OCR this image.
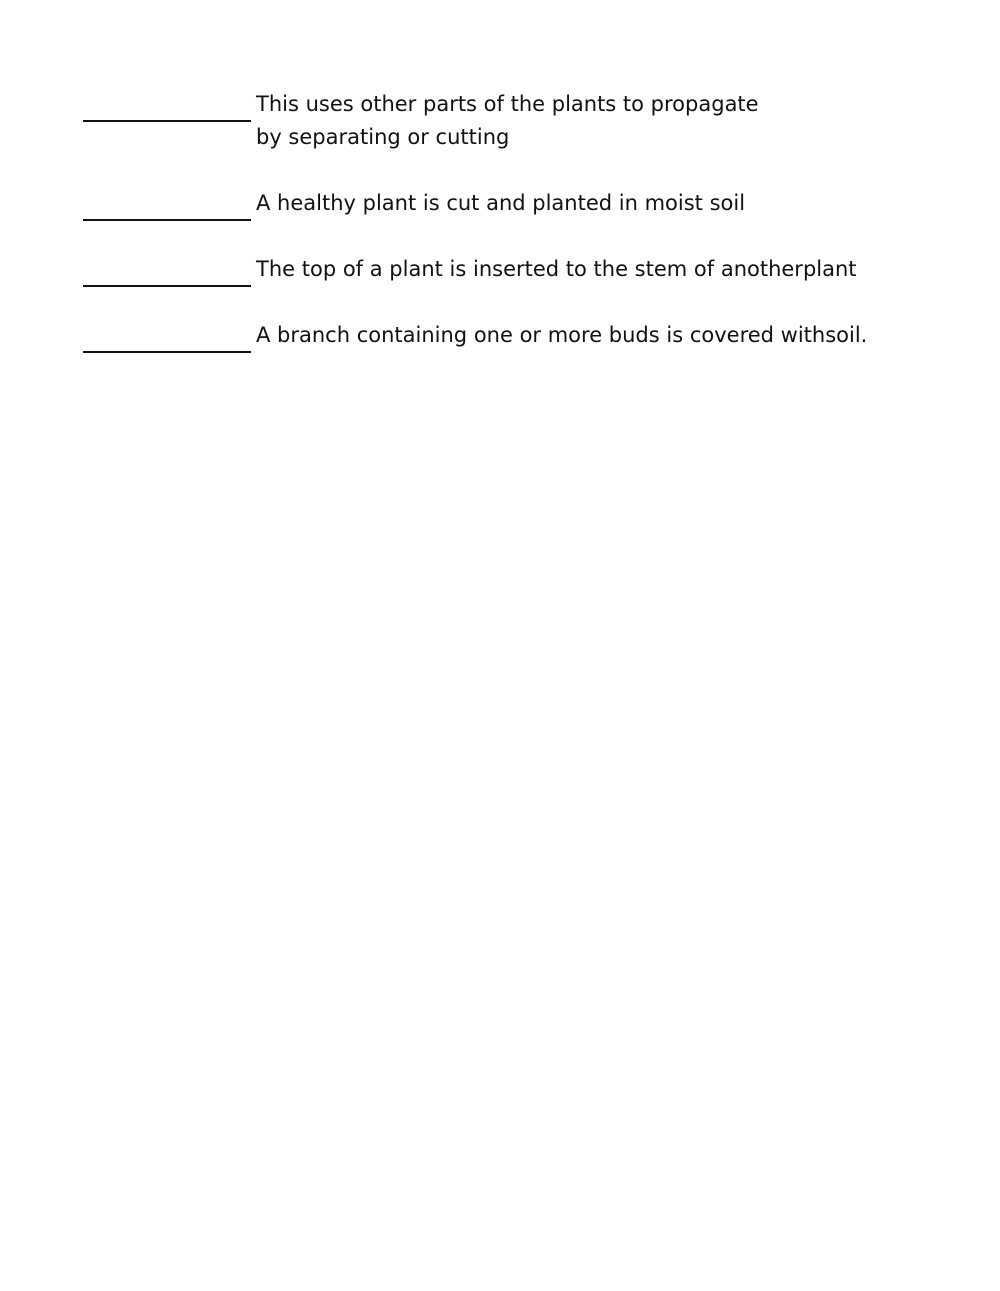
This uses other parts of the plants to propagate
by separating or cutting
A healthy plant is cut and planted in moist soil
The top of a plant is inserted to the stem of anotherplant
A branch containing one or more buds is covered withsoil.
